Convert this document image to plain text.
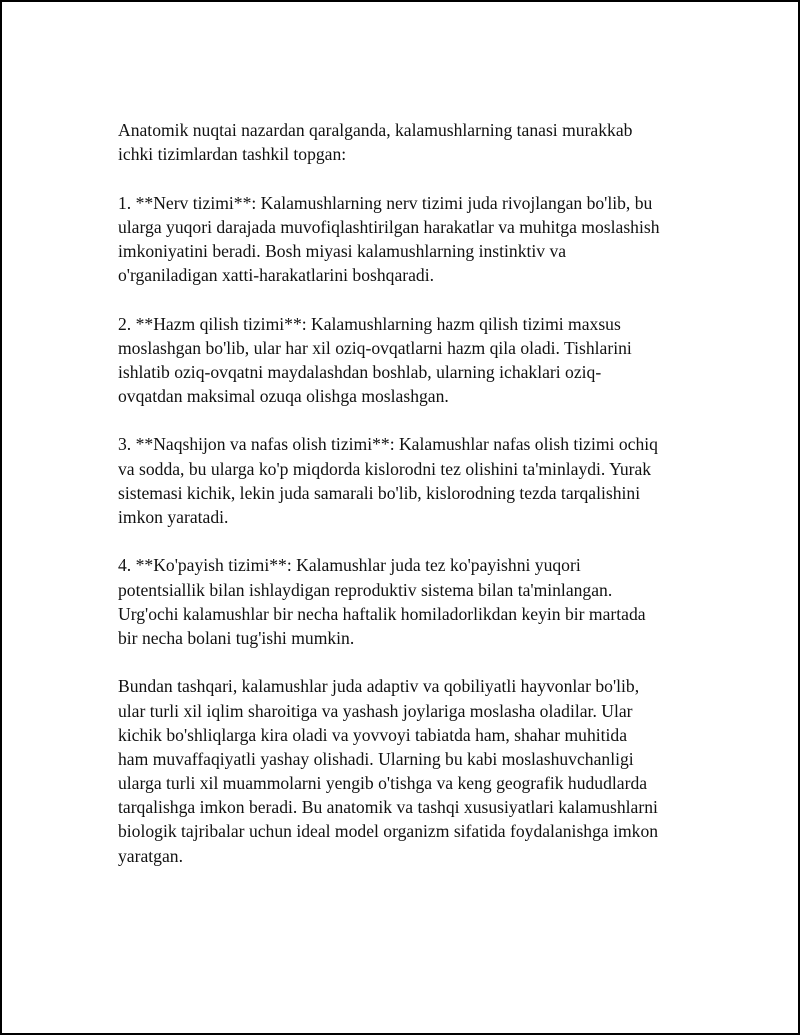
Anatomik nuqtai nazardan qaralganda, kalamushlarning tanasi murakkab
ichki tizimlardan tashkil topgan:
1. **Nerv tizimi**: Kalamushlarning nerv tizimi juda rivojlangan bo'lib, bu
ularga yuqori darajada muvofiqlashtirilgan harakatlar va muhitga moslashish
imkoniyatini beradi. Bosh miyasi kalamushlarning instinktiv va
o'rganiladigan xatti-harakatlarini boshqaradi.
2. **Hazm qilish tizimi**: Kalamushlarning hazm qilish tizimi maxsus
moslashgan bo'lib, ular har xil oziq-ovqatlarni hazm qila oladi. Tishlarini
ishlatib oziq-ovqatni maydalashdan boshlab, ularning ichaklari oziq-
ovqatdan maksimal ozuqa olishga moslashgan.
3. **Naqshijon va nafas olish tizimi**: Kalamushlar nafas olish tizimi ochiq
va sodda, bu ularga ko'p miqdorda kislorodni tez olishini ta'minlaydi. Yurak
sistemasi kichik, lekin juda samarali bo'lib, kislorodning tezda tarqalishini
imkon yaratadi.
4. **Ko'payish tizimi**: Kalamushlar juda tez ko'payishni yuqori
potentsiallik bilan ishlaydigan reproduktiv sistema bilan ta'minlangan.
Urg'ochi kalamushlar bir necha haftalik homiladorlikdan keyin bir martada
bir necha bolani tug'ishi mumkin.
Bundan tashqari, kalamushlar juda adaptiv va qobiliyatli hayvonlar bo'lib,
ular turli xil iqlim sharoitiga va yashash joylariga moslasha oladilar. Ular
kichik bo'shliqlarga kira oladi va yovvoyi tabiatda ham, shahar muhitida
ham muvaffaqiyatli yashay olishadi. Ularning bu kabi moslashuvchanligi
ularga turli xil muammolarni yengib o'tishga va keng geografik hududlarda
tarqalishga imkon beradi. Bu anatomik va tashqi xususiyatlari kalamushlarni
biologik tajribalar uchun ideal model organizm sifatida foydalanishga imkon
yaratgan.
